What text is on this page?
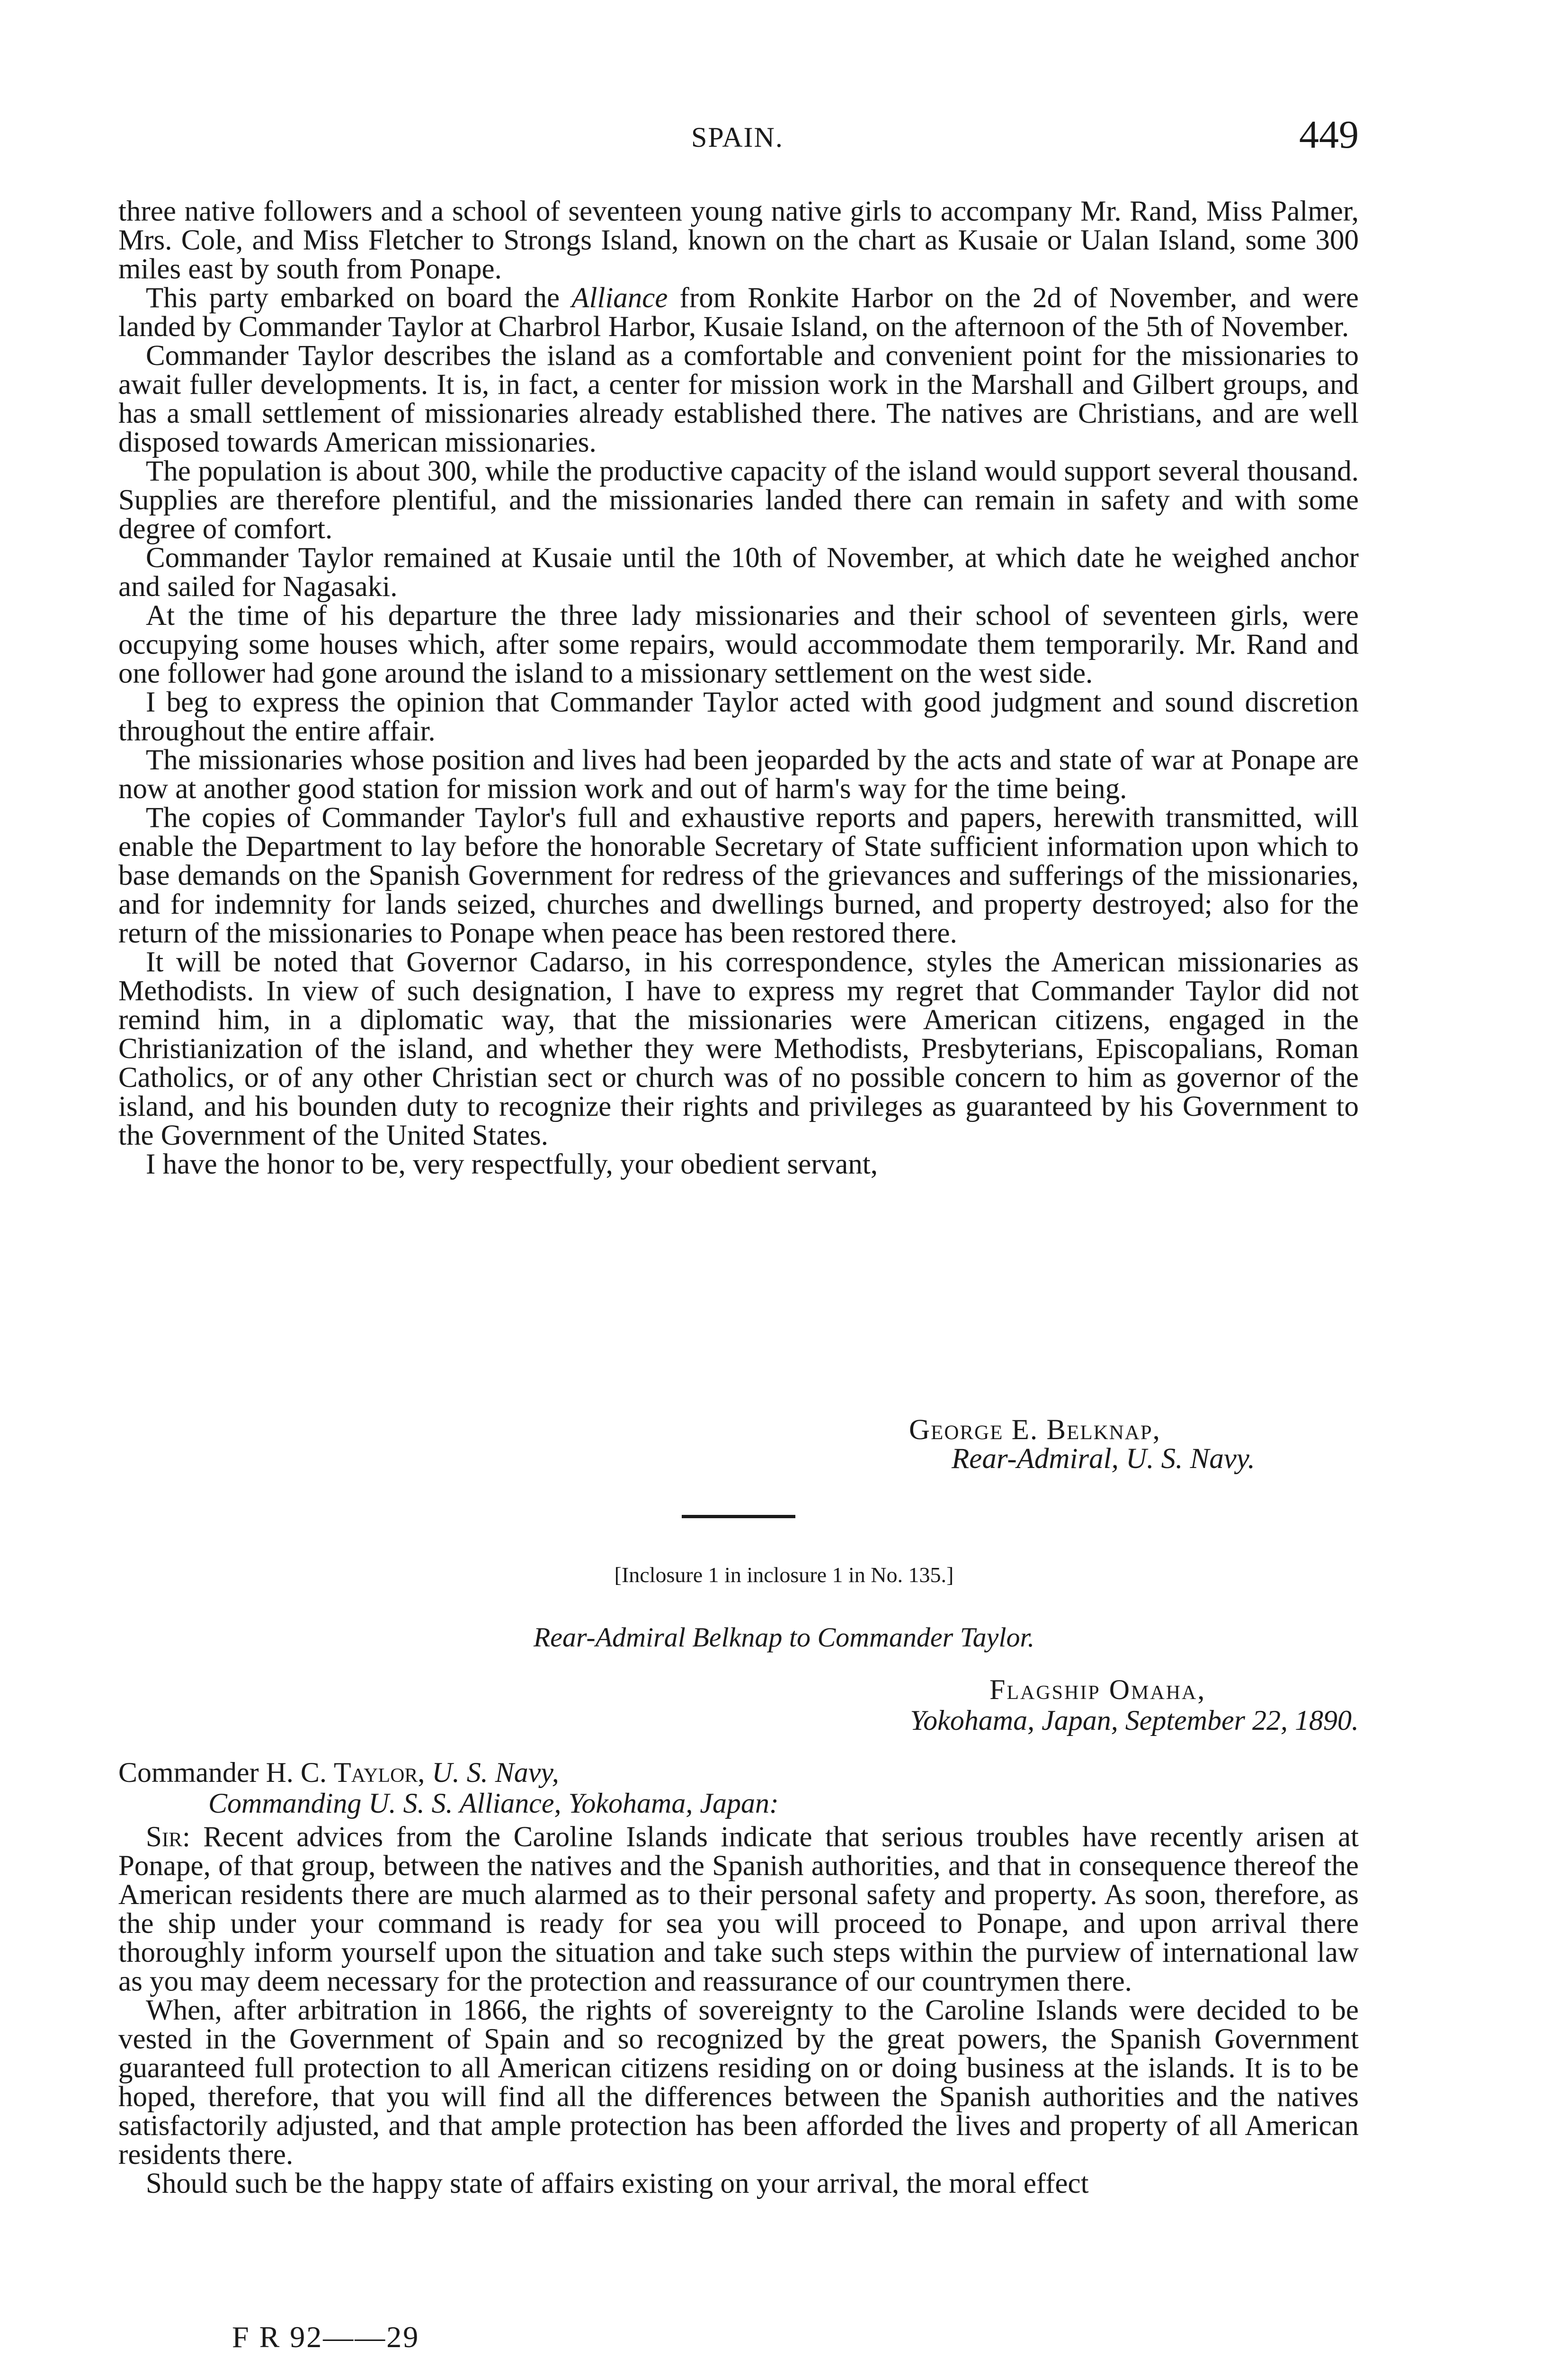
SPAIN.	449

three native followers and a school of seventeen young native girls to accompany Mr. Rand, Miss Palmer, Mrs. Cole, and Miss Fletcher to Strongs Island, known on the chart as Kusaie or Ualan Island, some 300 miles east by south from Ponape.

This party embarked on board the Alliance from Ronkite Harbor on the 2d of November, and were landed by Commander Taylor at Charbrol Harbor, Kusaie Island, on the afternoon of the 5th of November.

Commander Taylor describes the island as a comfortable and convenient point for the missionaries to await fuller developments. It is, in fact, a center for mission work in the Marshall and Gilbert groups, and has a small settlement of missionaries already established there. The natives are Christians, and are well disposed towards American missionaries.

The population is about 300, while the productive capacity of the island would support several thousand. Supplies are therefore plentiful, and the missionaries landed there can remain in safety and with some degree of comfort.

Commander Taylor remained at Kusaie until the 10th of November, at which date he weighed anchor and sailed for Nagasaki.

At the time of his departure the three lady missionaries and their school of seventeen girls, were occupying some houses which, after some repairs, would accommodate them temporarily. Mr. Rand and one follower had gone around the island to a missionary settlement on the west side.

I beg to express the opinion that Commander Taylor acted with good judgment and sound discretion throughout the entire affair.

The missionaries whose position and lives had been jeoparded by the acts and state of war at Ponape are now at another good station for mission work and out of harm's way for the time being.

The copies of Commander Taylor's full and exhaustive reports and papers, herewith transmitted, will enable the Department to lay before the honorable Secretary of State sufficient information upon which to base demands on the Spanish Government for redress of the grievances and sufferings of the missionaries, and for indemnity for lands seized, churches and dwellings burned, and property destroyed; also for the return of the missionaries to Ponape when peace has been restored there.

It will be noted that Governor Cadarso, in his correspondence, styles the American missionaries as Methodists. In view of such designation, I have to express my regret that Commander Taylor did not remind him, in a diplomatic way, that the missionaries were American citizens, engaged in the Christianization of the island, and whether they were Methodists, Presbyterians, Episcopalians, Roman Catholics, or of any other Christian sect or church was of no possible concern to him as governor of the island, and his bounden duty to recognize their rights and privileges as guaranteed by his Government to the Government of the United States.

I have the honor to be, very respectfully, your obedient servant,

George E. Belknap,
Rear-Admiral, U. S. Navy.
[Inclosure 1 in inclosure 1 in No. 135.]
Rear-Admiral Belknap to Commander Taylor.
Flagship Omaha,
Yokohama, Japan, September 22, 1890.
Commander H. C. Taylor, U. S. Navy,
Commanding U. S. S. Alliance, Yokohama, Japan:

Sir: Recent advices from the Caroline Islands indicate that serious troubles have recently arisen at Ponape, of that group, between the natives and the Spanish authorities, and that in consequence thereof the American residents there are much alarmed as to their personal safety and property. As soon, therefore, as the ship under your command is ready for sea you will proceed to Ponape, and upon arrival there thoroughly inform yourself upon the situation and take such steps within the purview of international law as you may deem necessary for the protection and reassurance of our countrymen there.

When, after arbitration in 1866, the rights of sovereignty to the Caroline Islands were decided to be vested in the Government of Spain and so recognized by the great powers, the Spanish Government guaranteed full protection to all American citizens residing on or doing business at the islands. It is to be hoped, therefore, that you will find all the differences between the Spanish authorities and the natives satisfactorily adjusted, and that ample protection has been afforded the lives and property of all American residents there.

Should such be the happy state of affairs existing on your arrival, the moral effect

F R 92——29
